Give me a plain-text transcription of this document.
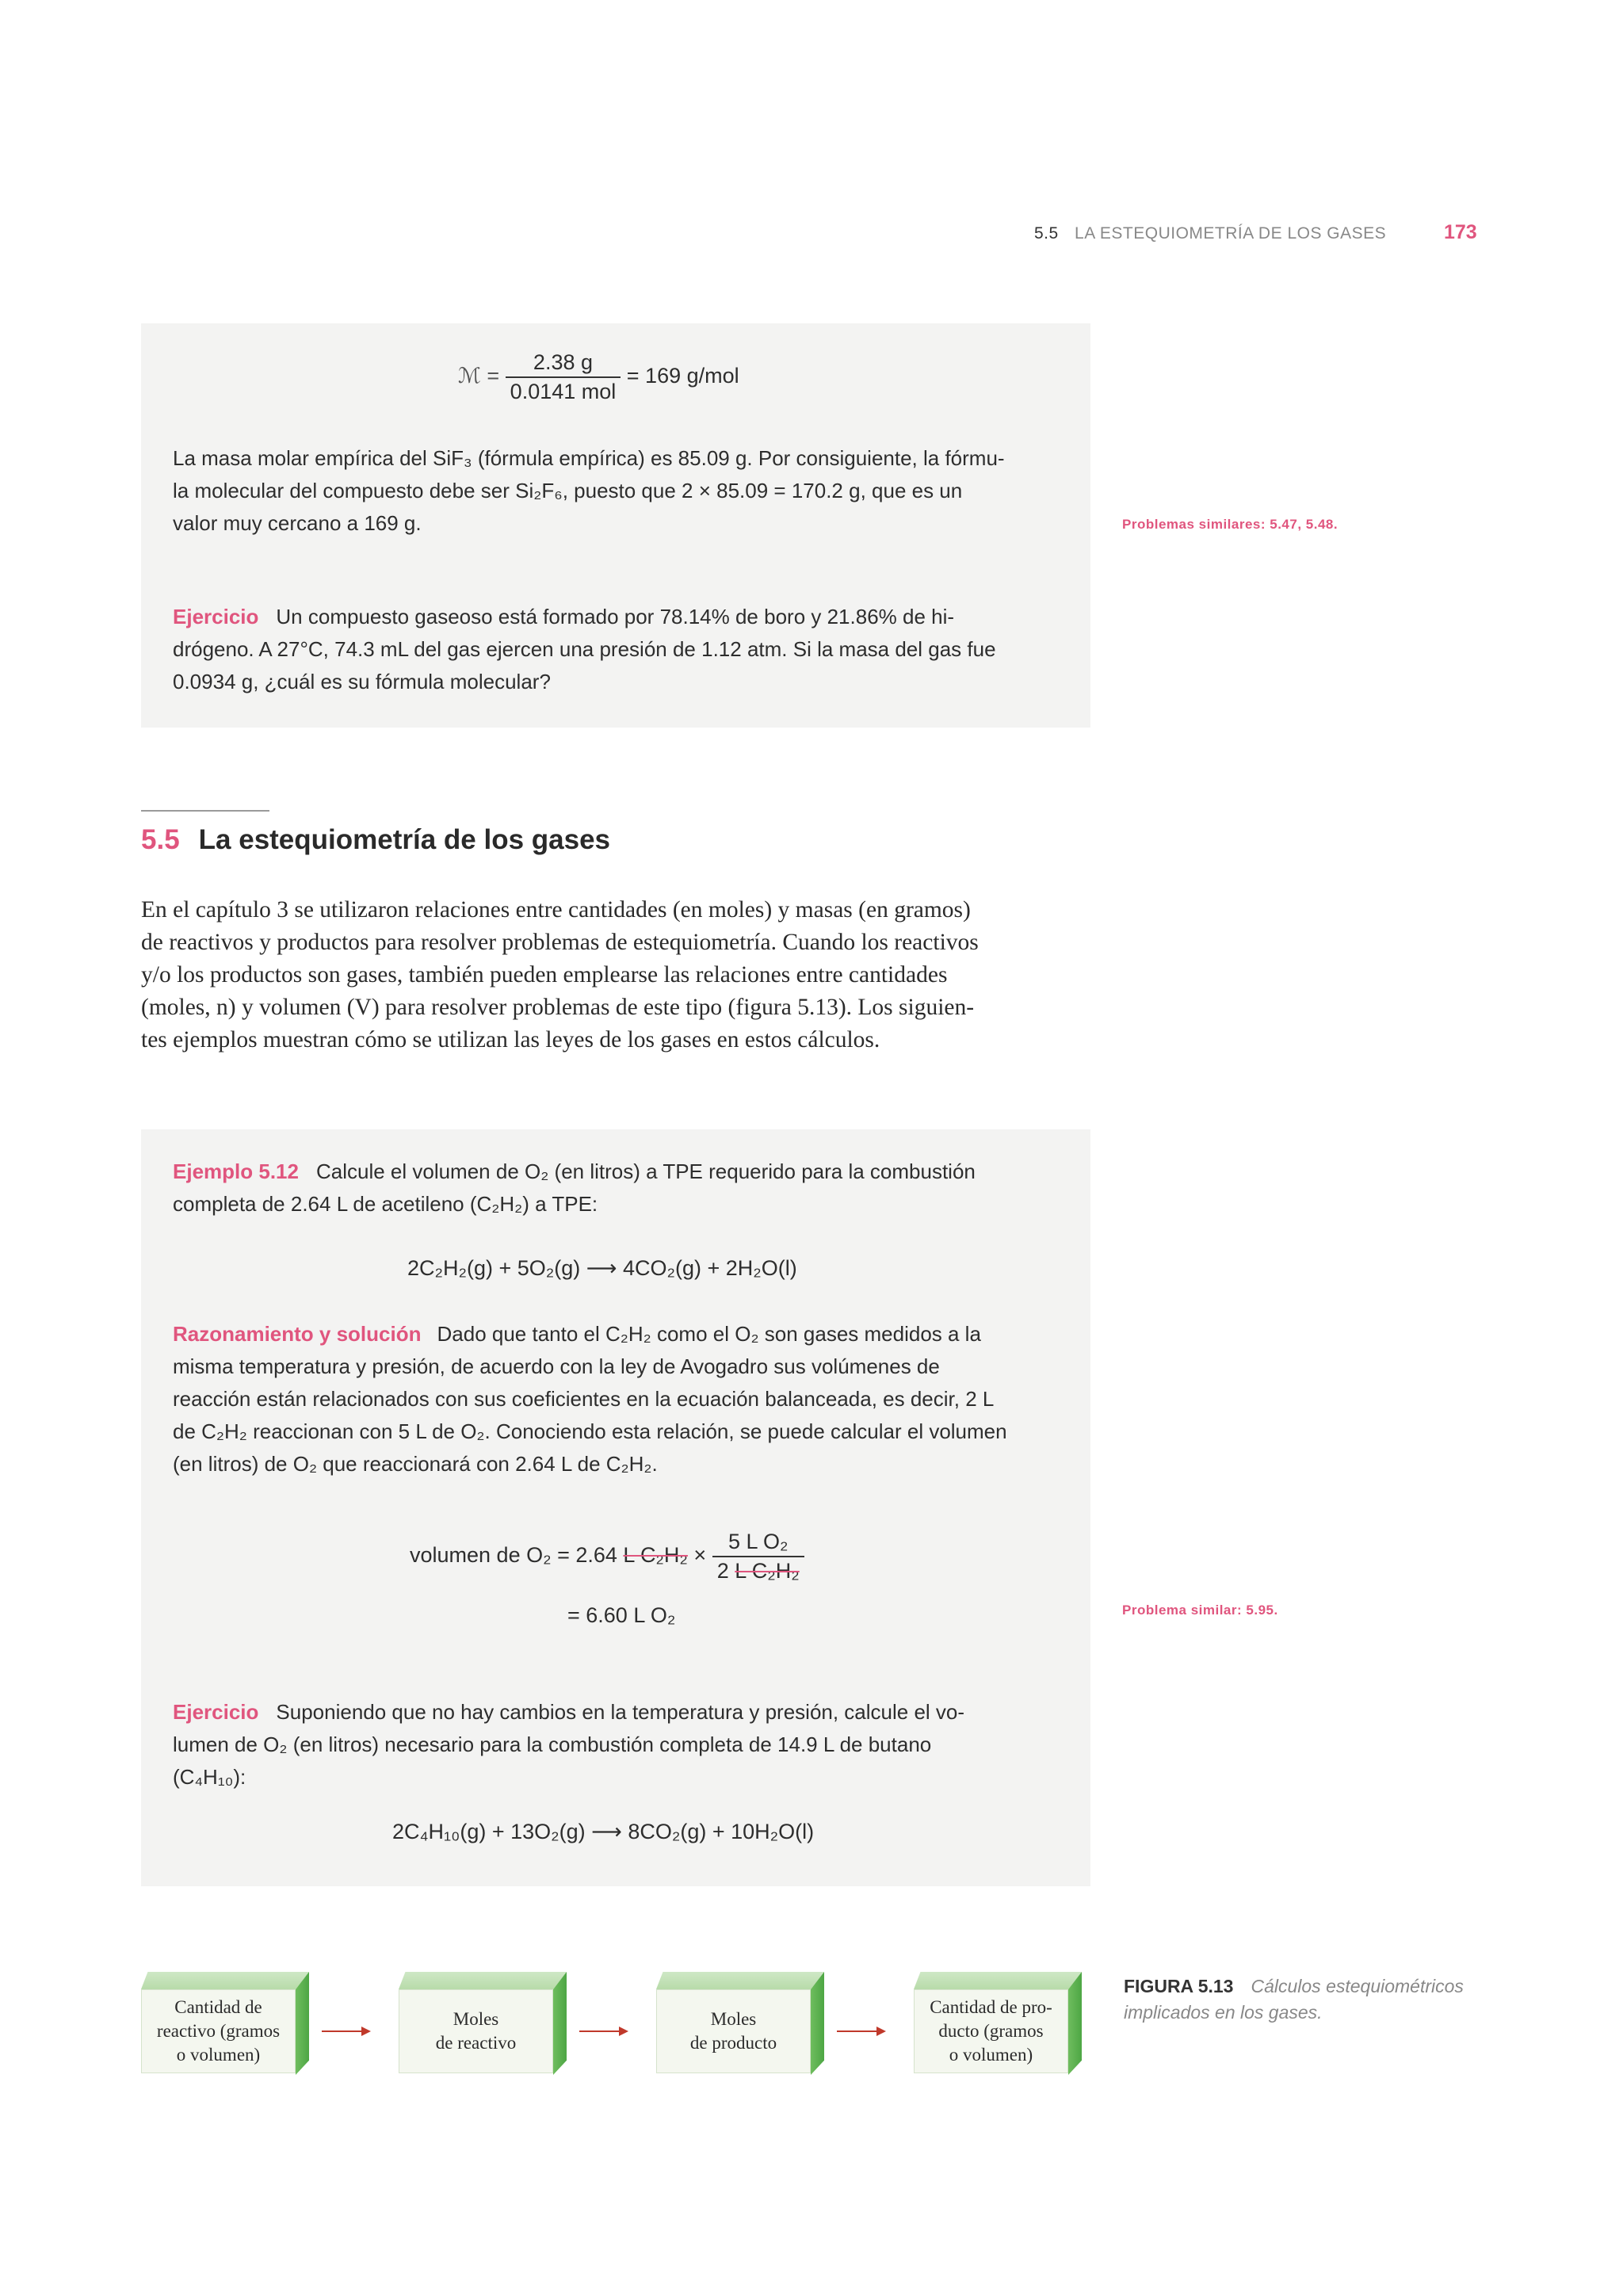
5.5 LA ESTEQUIOMETRÍA DE LOS GASES	173
ℳ = $\frac{2.38 g}{\text{0.0141 mol}} = 169$ g/mol
La masa molar empírica del SiF₃ (fórmula empírica) es 85.09 g. Por consiguiente, la fórmu-
la molecular del compuesto debe ser Si₂F₆, puesto que 2 × 85.09 = 170.2 g, que es un
valor muy cercano a 169 g.	Problemas similares: 5.47, 5.48.
Ejercicio Un compuesto gaseoso está formado por 78.14% de boro y 21.86% de hi-
drógeno. A 27°C, 74.3 mL del gas ejercen una presión de 1.12 atm. Si la masa del gas fue
0.0934 g, ¿cuál es su fórmula molecular?
5.5 La estequiometría de los gases
En el capítulo 3 se utilizaron relaciones entre cantidades (en moles) y masas (en gramos)
de reactivos y productos para resolver problemas de estequiometría. Cuando los reactivos
y/o los productos son gases, también pueden emplearse las relaciones entre cantidades
(moles, n) y volumen (V) para resolver problemas de este tipo (figura 5.13). Los siguien-
tes ejemplos muestran cómo se utilizan las leyes de los gases en estos cálculos.
Ejemplo 5.12 Calcule el volumen de O₂ (en litros) a TPE requerido para la combustión
completa de 2.64 L de acetileno (C₂H₂) a TPE:
2C₂H₂(g) + 5O₂(g) ⟶ 4CO₂(g) + 2H₂O(l)
Razonamiento y solución Dado que tanto el C₂H₂ como el O₂ son gases medidos a la
misma temperatura y presión, de acuerdo con la ley de Avogadro sus volúmenes de
reacción están relacionados con sus coeficientes en la ecuación balanceada, es decir, 2 L
de C₂H₂ reaccionan con 5 L de O₂. Conociendo esta relación, se puede calcular el volumen
(en litros) de O₂ que reaccionará con 2.64 L de C₂H₂.
volumen de O₂ = 2.64 L $C_2H_2 \times \frac{\text{5 L O₂}}{\text{2 L C₂H₂}}$
= 6.60 L O₂	Problema similar: 5.95.
Ejercicio Suponiendo que no hay cambios en la temperatura y presión, calcule el vo-
lumen de O₂ (en litros) necesario para la combustión completa de 14.9 L de butano
(C₄H₁₀):
2C₄H₁₀(g) + 13O₂(g) ⟶ 8CO₂(g) + 10H₂O(l)
Cantidad de
reactivo (gramos
o volumen)
Moles
de reactivo
Moles
de producto
Cantidad de pro-
ducto (gramos
o volumen)
FIGURA 5.13 Cálculos estequiométricos implicados en los gases.
